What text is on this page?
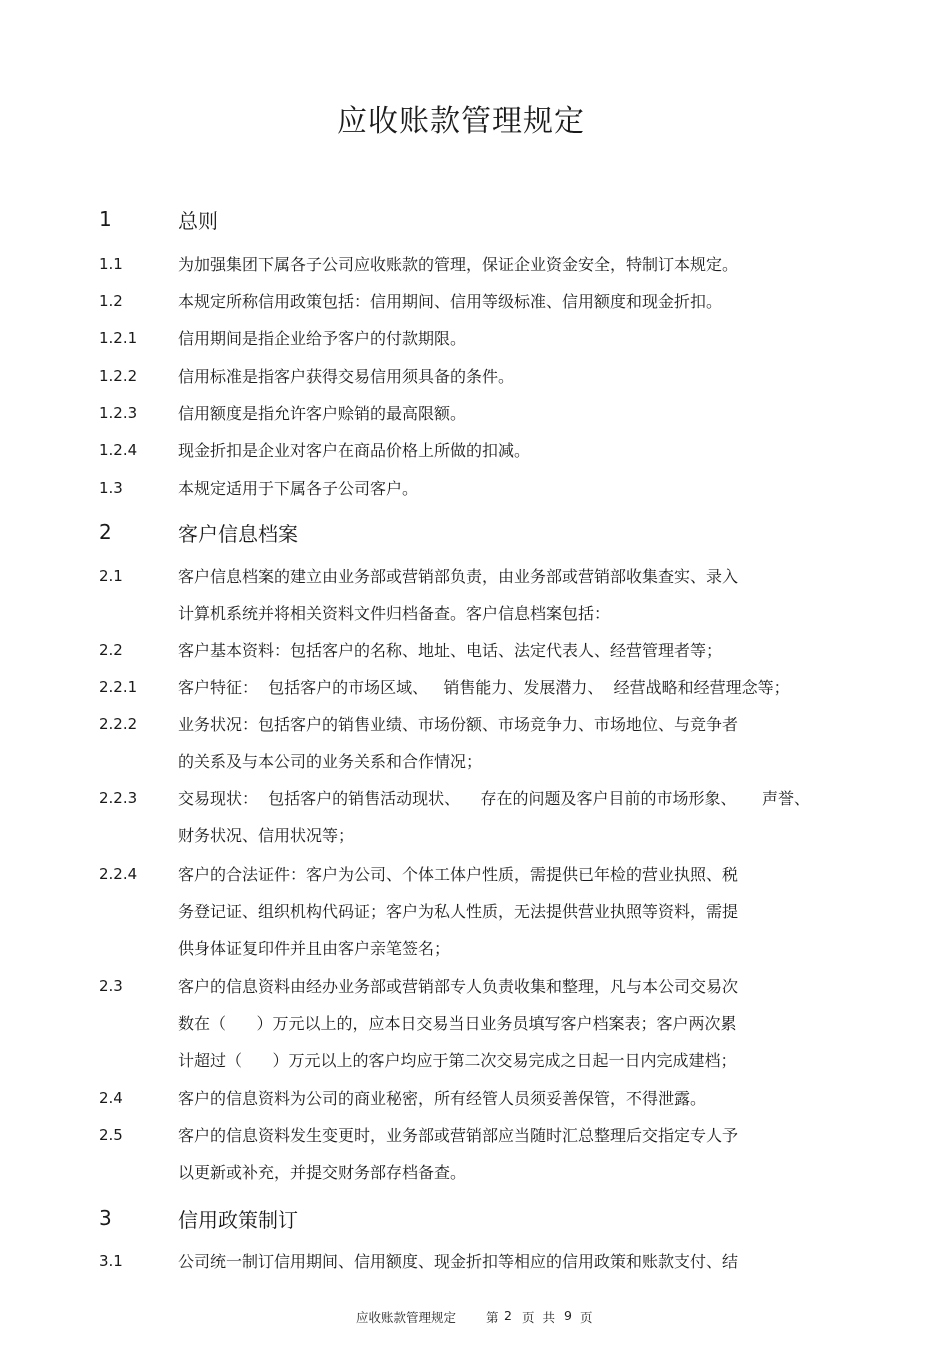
应收账款管理规定
1	总则
1.1	为加强集团下属各子公司应收账款的管理，保证企业资金安全，特制订本规定。
1.2	本规定所称信用政策包括：信用期间、信用等级标准、信用额度和现金折扣。
1.2.1	信用期间是指企业给予客户的付款期限。
1.2.2	信用标准是指客户获得交易信用须具备的条件。
1.2.3	信用额度是指允许客户赊销的最高限额。
1.2.4	现金折扣是企业对客户在商品价格上所做的扣减。
1.3	本规定适用于下属各子公司客户。
2	客户信息档案
2.1	客户信息档案的建立由业务部或营销部负责，由业务部或营销部收集查实、录入
计算机系统并将相关资料文件归档备查。客户信息档案包括：
2.2	客户基本资料：包括客户的名称、地址、电话、法定代表人、经营管理者等；
2.2.1	客户特征：  包括客户的市场区域、   销售能力、发展潜力、  经营战略和经营理念等；
2.2.2	业务状况：包括客户的销售业绩、市场份额、市场竞争力、市场地位、与竞争者
的关系及与本公司的业务关系和合作情况；
2.2.3	交易现状：  包括客户的销售活动现状、    存在的问题及客户目前的市场形象、     声誉、
财务状况、信用状况等；
2.2.4	客户的合法证件：客户为公司、个体工体户性质，需提供已年检的营业执照、税
务登记证、组织机构代码证；客户为私人性质，无法提供营业执照等资料，需提
供身体证复印件并且由客户亲笔签名；
2.3	客户的信息资料由经办业务部或营销部专人负责收集和整理，凡与本公司交易次
数在（      ）万元以上的，应本日交易当日业务员填写客户档案表；客户两次累
计超过（      ）万元以上的客户均应于第二次交易完成之日起一日内完成建档；
2.4	客户的信息资料为公司的商业秘密，所有经管人员须妥善保管，不得泄露。
2.5	客户的信息资料发生变更时，业务部或营销部应当随时汇总整理后交指定专人予
以更新或补充，并提交财务部存档备查。
3	信用政策制订
3.1	公司统一制订信用期间、信用额度、现金折扣等相应的信用政策和账款支付、结
应收账款管理规定 第 2 页  共 9 页
